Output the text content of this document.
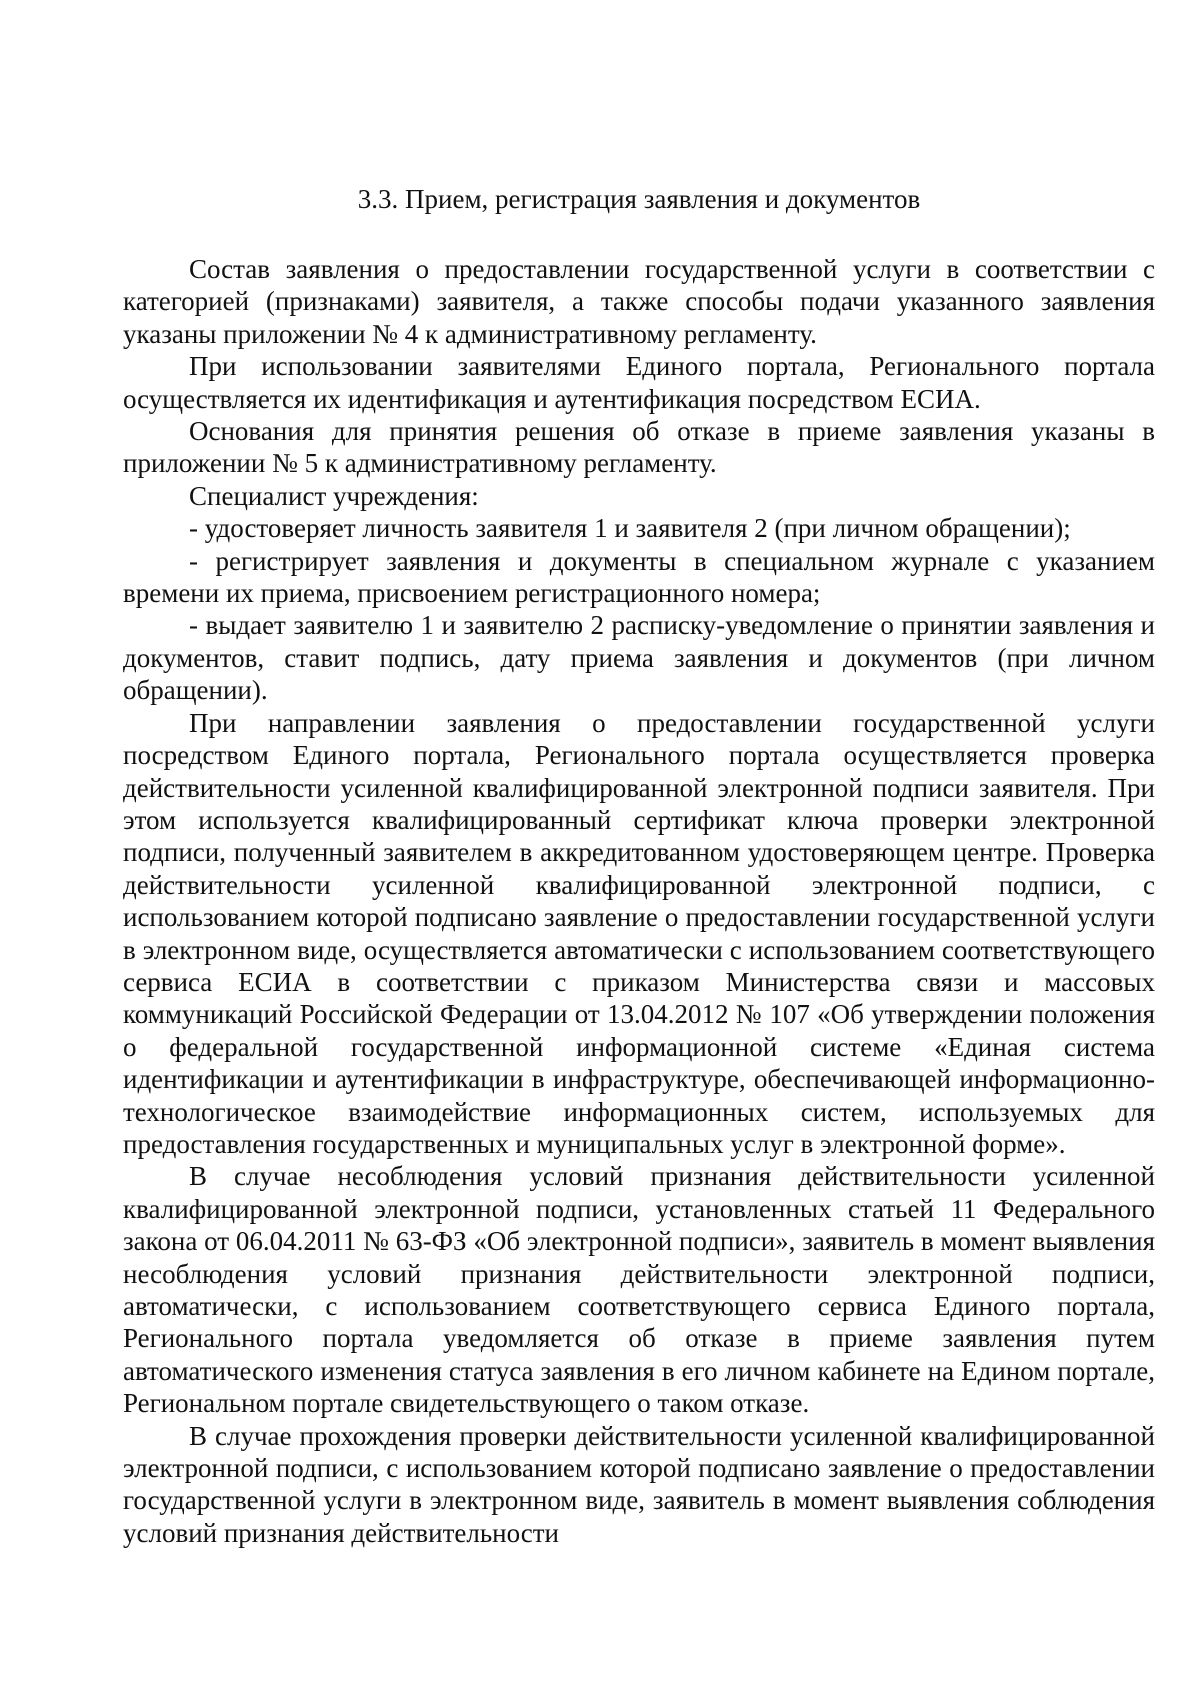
3.3. Прием, регистрация заявления и документов

Состав заявления о предоставлении государственной услуги в соответствии с категорией (признаками) заявителя, а также способы подачи указанного заявления указаны приложении № 4 к административному регламенту.

При использовании заявителями Единого портала, Регионального портала осуществляется их идентификация и аутентификация посредством ЕСИА.

Основания для принятия решения об отказе в приеме заявления указаны в приложении № 5 к административному регламенту.

Специалист учреждения:

- удостоверяет личность заявителя 1 и заявителя 2 (при личном обращении);

- регистрирует заявления и документы в специальном журнале с указанием времени их приема, присвоением регистрационного номера;

- выдает заявителю 1 и заявителю 2 расписку-уведомление о принятии заявления и документов, ставит подпись, дату приема заявления и документов (при личном обращении).

При направлении заявления о предоставлении государственной услуги посредством Единого портала, Регионального портала осуществляется проверка действительности усиленной квалифицированной электронной подписи заявителя. При этом используется квалифицированный сертификат ключа проверки электронной подписи, полученный заявителем в аккредитованном удостоверяющем центре. Проверка действительности усиленной квалифицированной электронной подписи, с использованием которой подписано заявление о предоставлении государственной услуги в электронном виде, осуществляется автоматически с использованием соответствующего сервиса ЕСИА в соответствии с приказом Министерства связи и массовых коммуникаций Российской Федерации от 13.04.2012 № 107 «Об утверждении положения о федеральной государственной информационной системе «Единая система идентификации и аутентификации в инфраструктуре, обеспечивающей информационно-технологическое взаимодействие информационных систем, используемых для предоставления государственных и муниципальных услуг в электронной форме».

В случае несоблюдения условий признания действительности усиленной квалифицированной электронной подписи, установленных статьей 11 Федерального закона от 06.04.2011 № 63-ФЗ «Об электронной подписи», заявитель в момент выявления несоблюдения условий признания действительности электронной подписи, автоматически, с использованием соответствующего сервиса Единого портала, Регионального портала уведомляется об отказе в приеме заявления путем автоматического изменения статуса заявления в его личном кабинете на Едином портале, Региональном портале свидетельствующего о таком отказе.

В случае прохождения проверки действительности усиленной квалифицированной электронной подписи, с использованием которой подписано заявление о предоставлении государственной услуги в электронном виде, заявитель в момент выявления соблюдения условий признания действительности
